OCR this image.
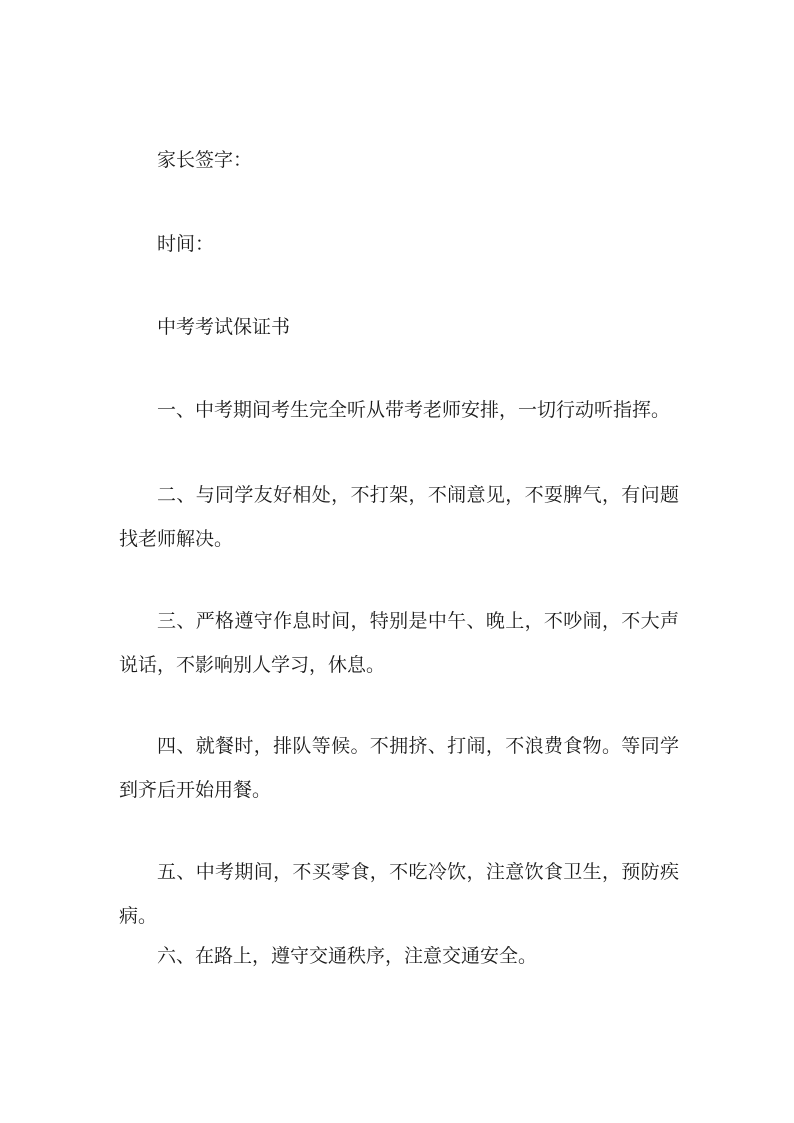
家长签字：
时间：
中考考试保证书
一、中考期间考生完全听从带考老师安排，一切行动听指挥。
二、与同学友好相处，不打架，不闹意见，不耍脾气，有问题找老师解决。
三、严格遵守作息时间，特别是中午、晚上，不吵闹，不大声说话，不影响别人学习，休息。
四、就餐时，排队等候。不拥挤、打闹，不浪费食物。等同学到齐后开始用餐。
五、中考期间，不买零食，不吃冷饮，注意饮食卫生，预防疾病。
六、在路上，遵守交通秩序，注意交通安全。
